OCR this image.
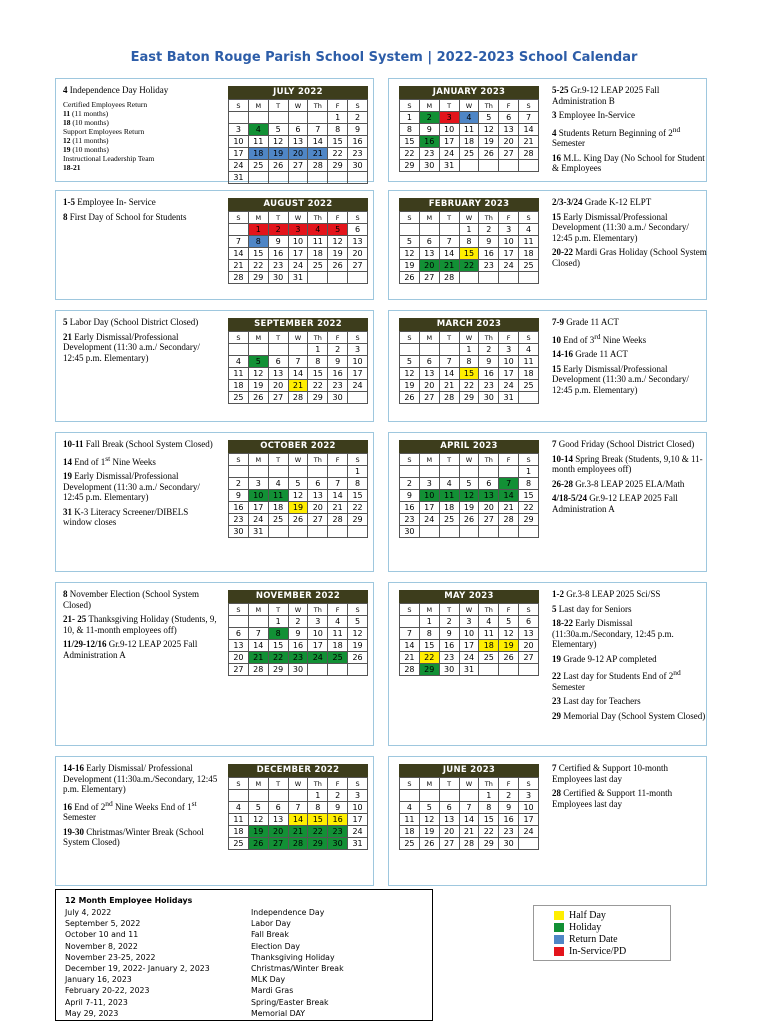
East Baton Rouge Parish School System | 2022-2023 School Calendar
JULY 2022
S	M	T	W	Th	F	S
					1	2
3	4	5	6	7	8	9
10	11	12	13	14	15	16
17	18	19	20	21	22	23
24	25	26	27	28	29	30
31						
4 Independence Day Holiday
Certified Employees Return
11 (11 months)
18 (10 months)
Support Employees Return
12 (11 months)
19 (10 months)
Instructional Leadership Team
18-21
JANUARY 2023
S	M	T	W	Th	F	S
1	2	3	4	5	6	7
8	9	10	11	12	13	14
15	16	17	18	19	20	21
22	23	24	25	26	27	28
29	30	31				
5-25 Gr.9-12 LEAP 2025 Fall Administration B
3 Employee In-Service
4 Students Return Beginning of 2nd Semester
16 M.L. King Day (No School for Student & Employees
AUGUST 2022
S	M	T	W	Th	F	S
	1	2	3	4	5	6
7	8	9	10	11	12	13
14	15	16	17	18	19	20
21	22	23	24	25	26	27
28	29	30	31			
1-5 Employee In- Service
8 First Day of School for Students
FEBRUARY 2023
S	M	T	W	Th	F	S
			1	2	3	4
5	6	7	8	9	10	11
12	13	14	15	16	17	18
19	20	21	22	23	24	25
26	27	28				
2/3-3/24 Grade K-12 ELPT
15 Early Dismissal/Professional Development (11:30 a.m./ Secondary/ 12:45 p.m. Elementary)
20-22 Mardi Gras Holiday (School System Closed)
SEPTEMBER 2022
S	M	T	W	Th	F	S
				1	2	3
4	5	6	7	8	9	10
11	12	13	14	15	16	17
18	19	20	21	22	23	24
25	26	27	28	29	30	
5 Labor Day (School District Closed)
21 Early Dismissal/Professional Development (11:30 a.m./ Secondary/ 12:45 p.m. Elementary)
MARCH 2023
S	M	T	W	Th	F	S
			1	2	3	4
5	6	7	8	9	10	11
12	13	14	15	16	17	18
19	20	21	22	23	24	25
26	27	28	29	30	31	
7-9 Grade 11 ACT
10 End of 3rd Nine Weeks
14-16 Grade 11 ACT
15 Early Dismissal/Professional Development (11:30 a.m./ Secondary/ 12:45 p.m. Elementary)
OCTOBER 2022
S	M	T	W	Th	F	S
						1
2	3	4	5	6	7	8
9	10	11	12	13	14	15
16	17	18	19	20	21	22
23	24	25	26	27	28	29
30	31					
10-11 Fall Break (School System Closed)
14 End of 1st Nine Weeks
19 Early Dismissal/Professional Development (11:30 a.m./ Secondary/ 12:45 p.m. Elementary)
31 K-3 Literacy Screener/DIBELS window closes
APRIL 2023
S	M	T	W	Th	F	S
						1
2	3	4	5	6	7	8
9	10	11	12	13	14	15
16	17	18	19	20	21	22
23	24	25	26	27	28	29
30						
7 Good Friday (School District Closed)
10-14 Spring Break (Students, 9,10 & 11- month employees off)
26-28 Gr.3-8 LEAP 2025 ELA/Math
4/18-5/24 Gr.9-12 LEAP 2025 Fall Administration A
NOVEMBER 2022
S	M	T	W	Th	F	S
		1	2	3	4	5
6	7	8	9	10	11	12
13	14	15	16	17	18	19
20	21	22	23	24	25	26
27	28	29	30			
8 November Election (School System Closed)
21- 25 Thanksgiving Holiday (Students, 9, 10, & 11-month employees off)
11/29-12/16 Gr.9-12 LEAP 2025 Fall Administration A
MAY 2023
S	M	T	W	Th	F	S
	1	2	3	4	5	6
7	8	9	10	11	12	13
14	15	16	17	18	19	20
21	22	23	24	25	26	27
28	29	30	31			
1-2 Gr.3-8 LEAP 2025 Sci/SS
5 Last day for Seniors
18-22 Early Dismissal (11:30a.m./Secondary, 12:45 p.m. Elementary)
19 Grade 9-12 AP completed
22 Last day for Students End of 2nd Semester
23 Last day for Teachers
29 Memorial Day (School System Closed)
DECEMBER 2022
S	M	T	W	Th	F	S
				1	2	3
4	5	6	7	8	9	10
11	12	13	14	15	16	17
18	19	20	21	22	23	24
25	26	27	28	29	30	31
14-16 Early Dismissal/ Professional Development (11:30a.m./Secondary, 12:45 p.m. Elementary)
16 End of 2nd Nine Weeks End of 1st Semester
19-30 Christmas/Winter Break (School System Closed)
JUNE 2023
S	M	T	W	Th	F	S
				1	2	3
4	5	6	7	8	9	10
11	12	13	14	15	16	17
18	19	20	21	22	23	24
25	26	27	28	29	30	
7 Certified & Support 10-month Employees last day
28 Certified & Support 11-month Employees last day
12 Month Employee Holidays
July 4, 2022	Independence Day
September 5, 2022	Labor Day
October 10 and 11	Fall Break
November 8, 2022	Election Day
November 23-25, 2022	Thanksgiving Holiday
December 19, 2022- January 2, 2023	Christmas/Winter Break
January 16, 2023	MLK Day
February 20-22, 2023	Mardi Gras
April 7-11, 2023	Spring/Easter Break
May 29, 2023	Memorial DAY
Half Day
Holiday
Return Date
In-Service/PD
